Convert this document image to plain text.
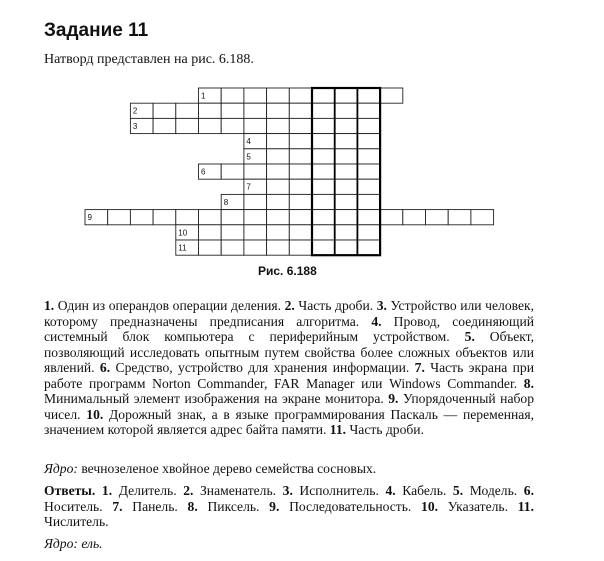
Задание 11
Натворд представлен на рис. 6.188.
1
2
3
4
5
6
7
8
9
10
11
Рис. 6.188
1. Один из операндов операции деления. 2. Часть дроби. 3. Устройство или человек, которому предназначены предписания алгоритма. 4. Провод, соединяющий системный блок компьютера с периферийным устройством. 5. Объект, позволяющий исследовать опытным путем свойства более сложных объектов или явлений. 6. Средство, устройство для хранения информации. 7. Часть экрана при работе программ Norton Commander, FAR Manager или Windows Commander. 8. Минимальный элемент изображения на экране монитора. 9. Упорядоченный набор чисел. 10. Дорожный знак, а в языке программирования Паскаль — переменная, значением которой является адрес байта памяти. 11. Часть дроби.
Ядро: вечнозеленое хвойное дерево семейства сосновых.
Ответы. 1. Делитель. 2. Знаменатель. 3. Исполнитель. 4. Кабель. 5. Модель. 6. Носитель. 7. Панель. 8. Пиксель. 9. Последовательность. 10. Указатель. 11. Числитель.
Ядро: ель.
